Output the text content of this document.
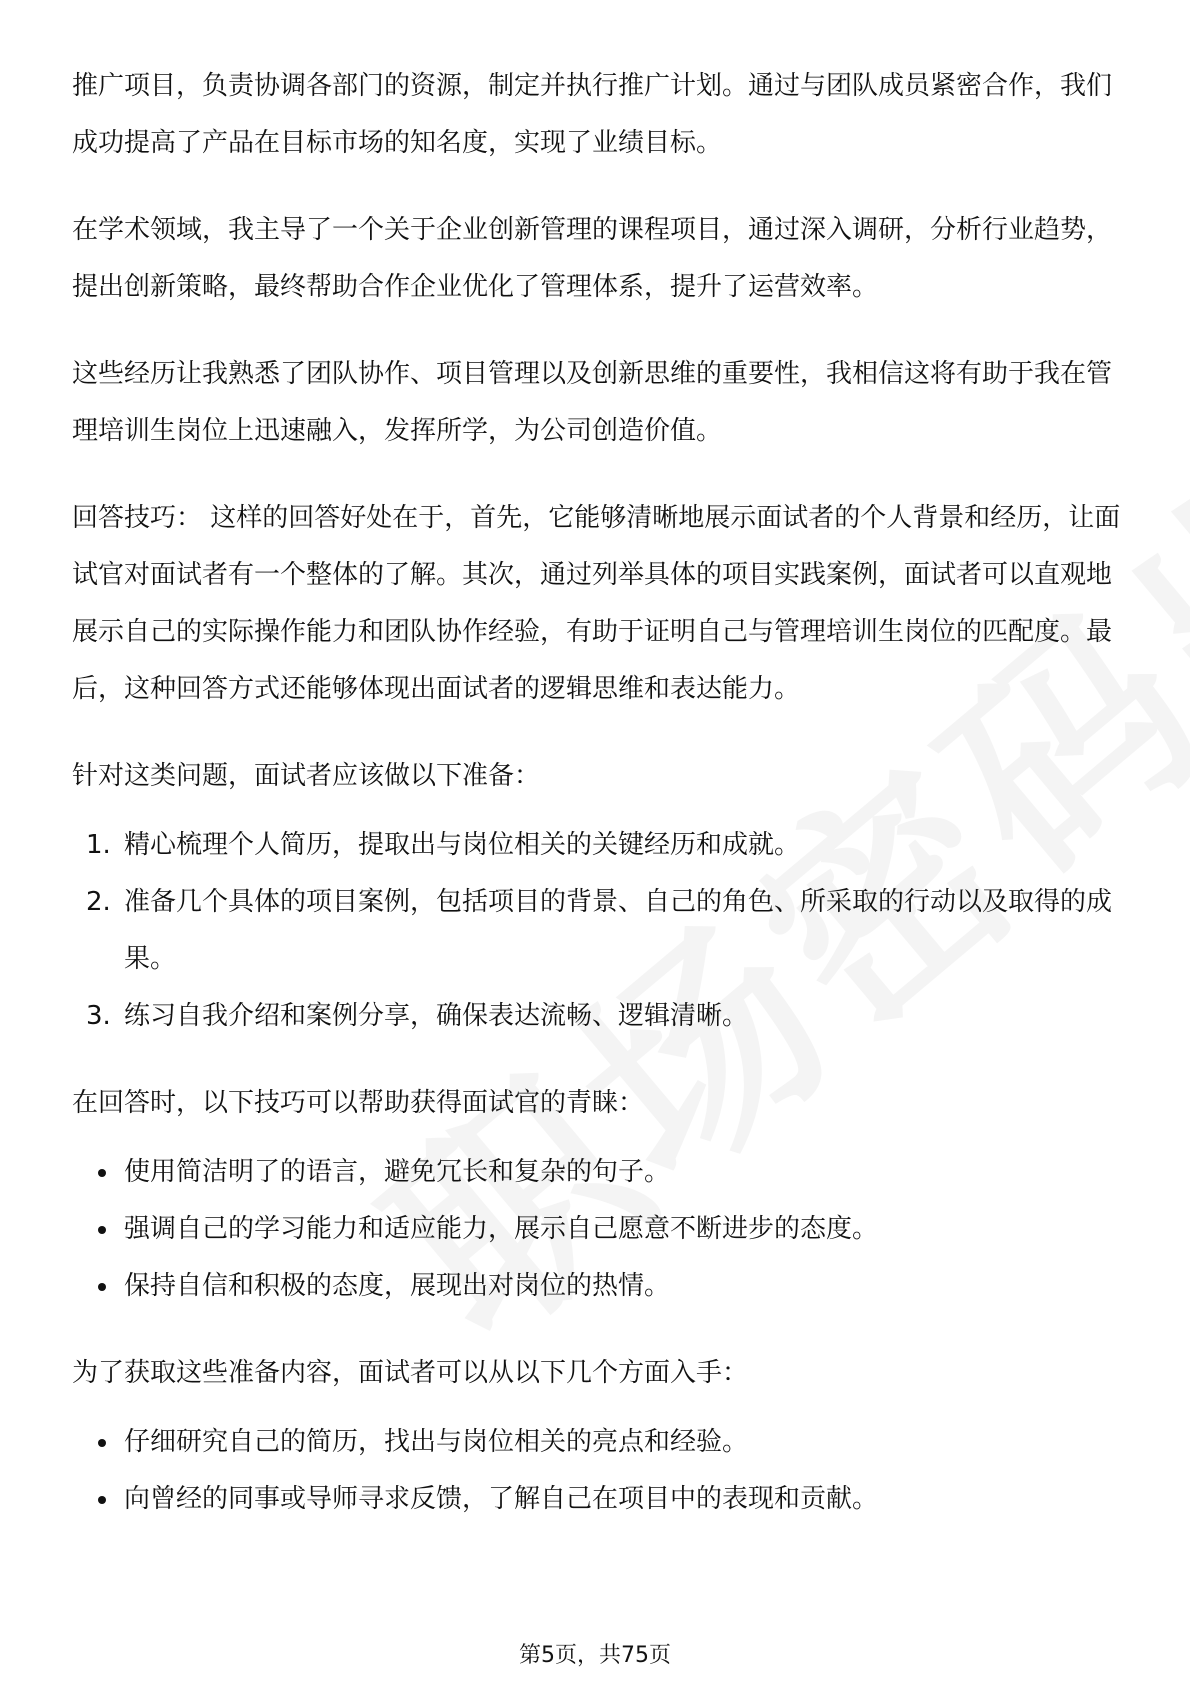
推广项目，负责协调各部门的资源，制定并执行推广计划。通过与团队成员紧密合作，我们成功提高了产品在目标市场的知名度，实现了业绩目标。

在学术领域，我主导了一个关于企业创新管理的课程项目，通过深入调研，分析行业趋势，提出创新策略，最终帮助合作企业优化了管理体系，提升了运营效率。

这些经历让我熟悉了团队协作、项目管理以及创新思维的重要性，我相信这将有助于我在管理培训生岗位上迅速融入，发挥所学，为公司创造价值。

回答技巧： 这样的回答好处在于，首先，它能够清晰地展示面试者的个人背景和经历，让面试官对面试者有一个整体的了解。其次，通过列举具体的项目实践案例，面试者可以直观地展示自己的实际操作能力和团队协作经验，有助于证明自己与管理培训生岗位的匹配度。最后，这种回答方式还能够体现出面试者的逻辑思维和表达能力。

针对这类问题，面试者应该做以下准备：

1. 精心梳理个人简历，提取出与岗位相关的关键经历和成就。
2. 准备几个具体的项目案例，包括项目的背景、自己的角色、所采取的行动以及取得的成果。
3. 练习自我介绍和案例分享，确保表达流畅、逻辑清晰。

在回答时，以下技巧可以帮助获得面试官的青睐：

使用简洁明了的语言，避免冗长和复杂的句子。
强调自己的学习能力和适应能力，展示自己愿意不断进步的态度。
保持自信和积极的态度，展现出对岗位的热情。

为了获取这些准备内容，面试者可以从以下几个方面入手：

仔细研究自己的简历，找出与岗位相关的亮点和经验。
向曾经的同事或导师寻求反馈，了解自己在项目中的表现和贡献。
第5页，共75页
